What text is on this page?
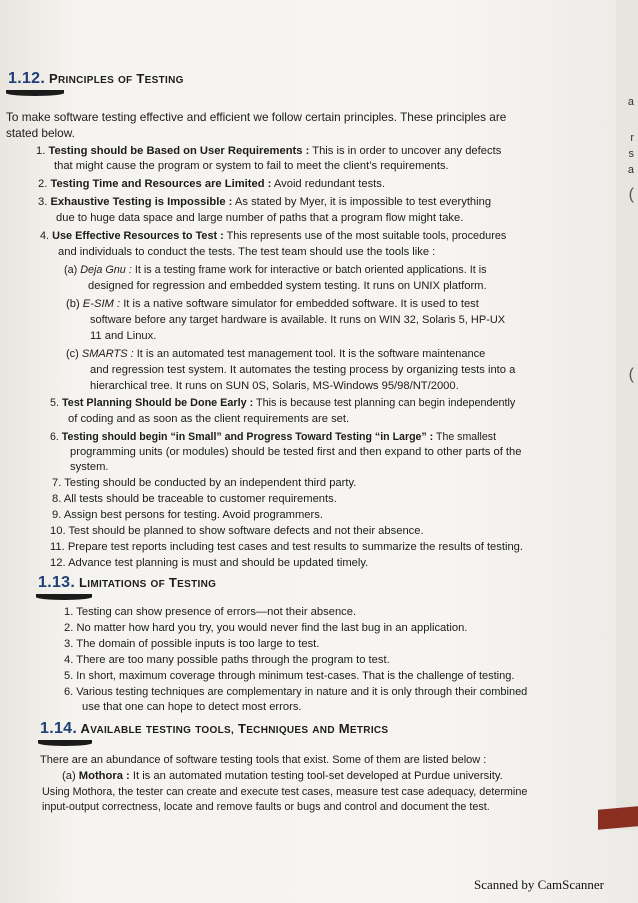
a
r
s
a
(
(
1.12. PRINCIPLES OF TESTING
To make software testing effective and efficient we follow certain principles. These principles are
stated below.
1. Testing should be Based on User Requirements : This is in order to uncover any defects
that might cause the program or system to fail to meet the client’s requirements.
2. Testing Time and Resources are Limited : Avoid redundant tests.
3. Exhaustive Testing is Impossible : As stated by Myer, it is impossible to test everything
due to huge data space and large number of paths that a program flow might take.
4. Use Effective Resources to Test : This represents use of the most suitable tools, procedures
and individuals to conduct the tests. The test team should use the tools like :
(a) Deja Gnu : It is a testing frame work for interactive or batch oriented applications. It is
designed for regression and embedded system testing. It runs on UNIX platform.
(b) E-SIM : It is a native software simulator for embedded software. It is used to test
software before any target hardware is available. It runs on WIN 32, Solaris 5, HP-UX
11 and Linux.
(c) SMARTS : It is an automated test management tool. It is the software maintenance
and regression test system. It automates the testing process by organizing tests into a
hierarchical tree. It runs on SUN 0S, Solaris, MS-Windows 95/98/NT/2000.
5. Test Planning Should be Done Early : This is because test planning can begin independently
of coding and as soon as the client requirements are set.
6. Testing should begin “in Small” and Progress Toward Testing “in Large” : The smallest
programming units (or modules) should be tested first and then expand to other parts of the
system.
7. Testing should be conducted by an independent third party.
8. All tests should be traceable to customer requirements.
9. Assign best persons for testing. Avoid programmers.
10. Test should be planned to show software defects and not their absence.
11. Prepare test reports including test cases and test results to summarize the results of testing.
12. Advance test planning is must and should be updated timely.
1.13. LIMITATIONS OF TESTING
1. Testing can show presence of errors—not their absence.
2. No matter how hard you try, you would never find the last bug in an application.
3. The domain of possible inputs is too large to test.
4. There are too many possible paths through the program to test.
5. In short, maximum coverage through minimum test-cases. That is the challenge of testing.
6. Various testing techniques are complementary in nature and it is only through their combined
use that one can hope to detect most errors.
1.14. AVAILABLE TESTING TOOLS, TECHNIQUES AND METRICS
There are an abundance of software testing tools that exist. Some of them are listed below :
(a) Mothora : It is an automated mutation testing tool-set developed at Purdue university.
Using Mothora, the tester can create and execute test cases, measure test case adequacy, determine
input-output correctness, locate and remove faults or bugs and control and document the test.
Scanned by CamScanner
